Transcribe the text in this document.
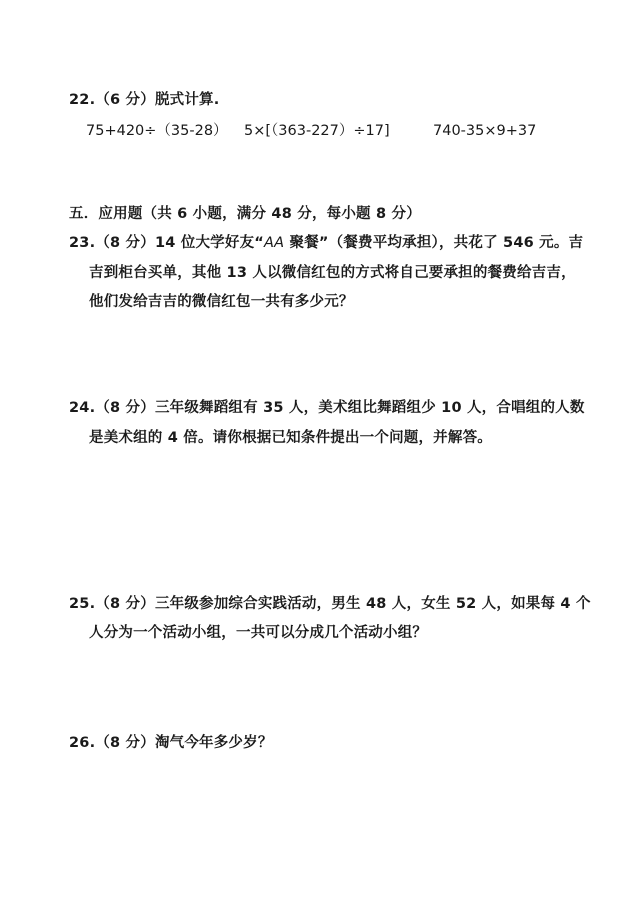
22.（6 分）脱式计算.
75+420÷（35-28） 5×[（363-227）÷17]	740-35×9+37
五．应用题（共 6 小题，满分 48 分，每小题 8 分）
23.（8 分）14 位大学好友“AA 聚餐”（餐费平均承担），共花了 546 元。吉
吉到柜台买单，其他 13 人以微信红包的方式将自己要承担的餐费给吉吉，
他们发给吉吉的微信红包一共有多少元？
24.（8 分）三年级舞蹈组有 35 人，美术组比舞蹈组少 10 人，合唱组的人数
是美术组的 4 倍。请你根据已知条件提出一个问题，并解答。
25.（8 分）三年级参加综合实践活动，男生 48 人，女生 52 人，如果每 4 个
人分为一个活动小组，一共可以分成几个活动小组？
26.（8 分）淘气今年多少岁？
